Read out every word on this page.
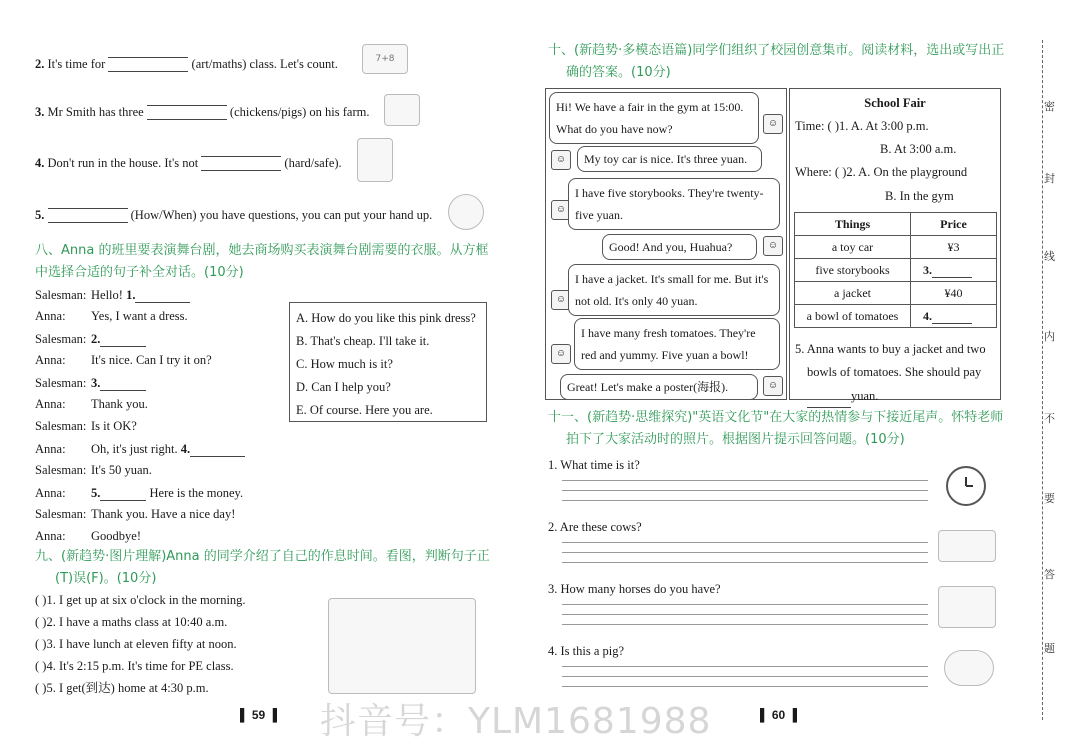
2. It's time for	(art/maths) class. Let's count.	7+8
3. Mr Smith has three	(chickens/pigs) on his farm.
4. Don't run in the house. It's not	(hard/safe).
5.	(How/When) you have questions, you can put your hand up.
八、Anna 的班里要表演舞台剧，她去商场购买表演舞台剧需要的衣服。从方框中选择合适的句子补全对话。(10分)
Salesman: Hello! 1.
Anna: Yes, I want a dress.
Salesman: 2.
Anna: It's nice. Can I try it on?
Salesman: 3.
Anna: Thank you.
Salesman: Is it OK?
Anna: Oh, it's just right. 4.
Salesman: It's 50 yuan.
Anna: 5.	Here is the money.
Salesman: Thank you. Have a nice day!
Anna: Goodbye!
A. How do you like this pink dress?
B. That's cheap. I'll take it.
C. How much is it?
D. Can I help you?
E. Of course. Here you are.
九、(新趋势·图片理解)Anna 的同学介绍了自己的作息时间。看图，判断句子正
(T)误(F)。(10分)
( )1. I get up at six o'clock in the morning.
( )2. I have a maths class at 10:40 a.m.
( )3. I have lunch at eleven fifty at noon.
( )4. It's 2:15 p.m. It's time for PE class.
( )5. I get(到达) home at 4:30 p.m.
▌ 59 ▐
十、(新趋势·多模态语篇)同学们组织了校园创意集市。阅读材料，选出或写出正
确的答案。(10分)
Hi! We have a fair in the gym at 15:00. What do you have now?	☺
☺	My toy car is nice. It's three yuan.
☺
I have five storybooks. They're twenty-five yuan.
Good! And you, Huahua?	☺
☺
I have a jacket. It's small for me. But it's not old. It's only 40 yuan.
☺
I have many fresh tomatoes. They're red and yummy. Five yuan a bowl!
Great! Let's make a poster(海报).	☺
School Fair
Time: ( )1. A. At 3:00 p.m.
B. At 3:00 a.m.
Where: ( )2. A. On the playground
B. In the gym
Things	Price
a toy car	¥3
five storybooks	3.
a jacket	¥40
a bowl of tomatoes	4.
5. Anna wants to buy a jacket and two
bowls of tomatoes. She should pay
yuan.
十一、(新趋势·思维探究)"英语文化节"在大家的热情参与下接近尾声。怀特老师
拍下了大家活动时的照片。根据图片提示回答问题。(10分)
1. What time is it?
2. Are these cows?
3. How many horses do you have?
4. Is this a pig?
▌ 60 ▐
密
封
线
内
不
要
答
题
抖音号：YLM1681988
